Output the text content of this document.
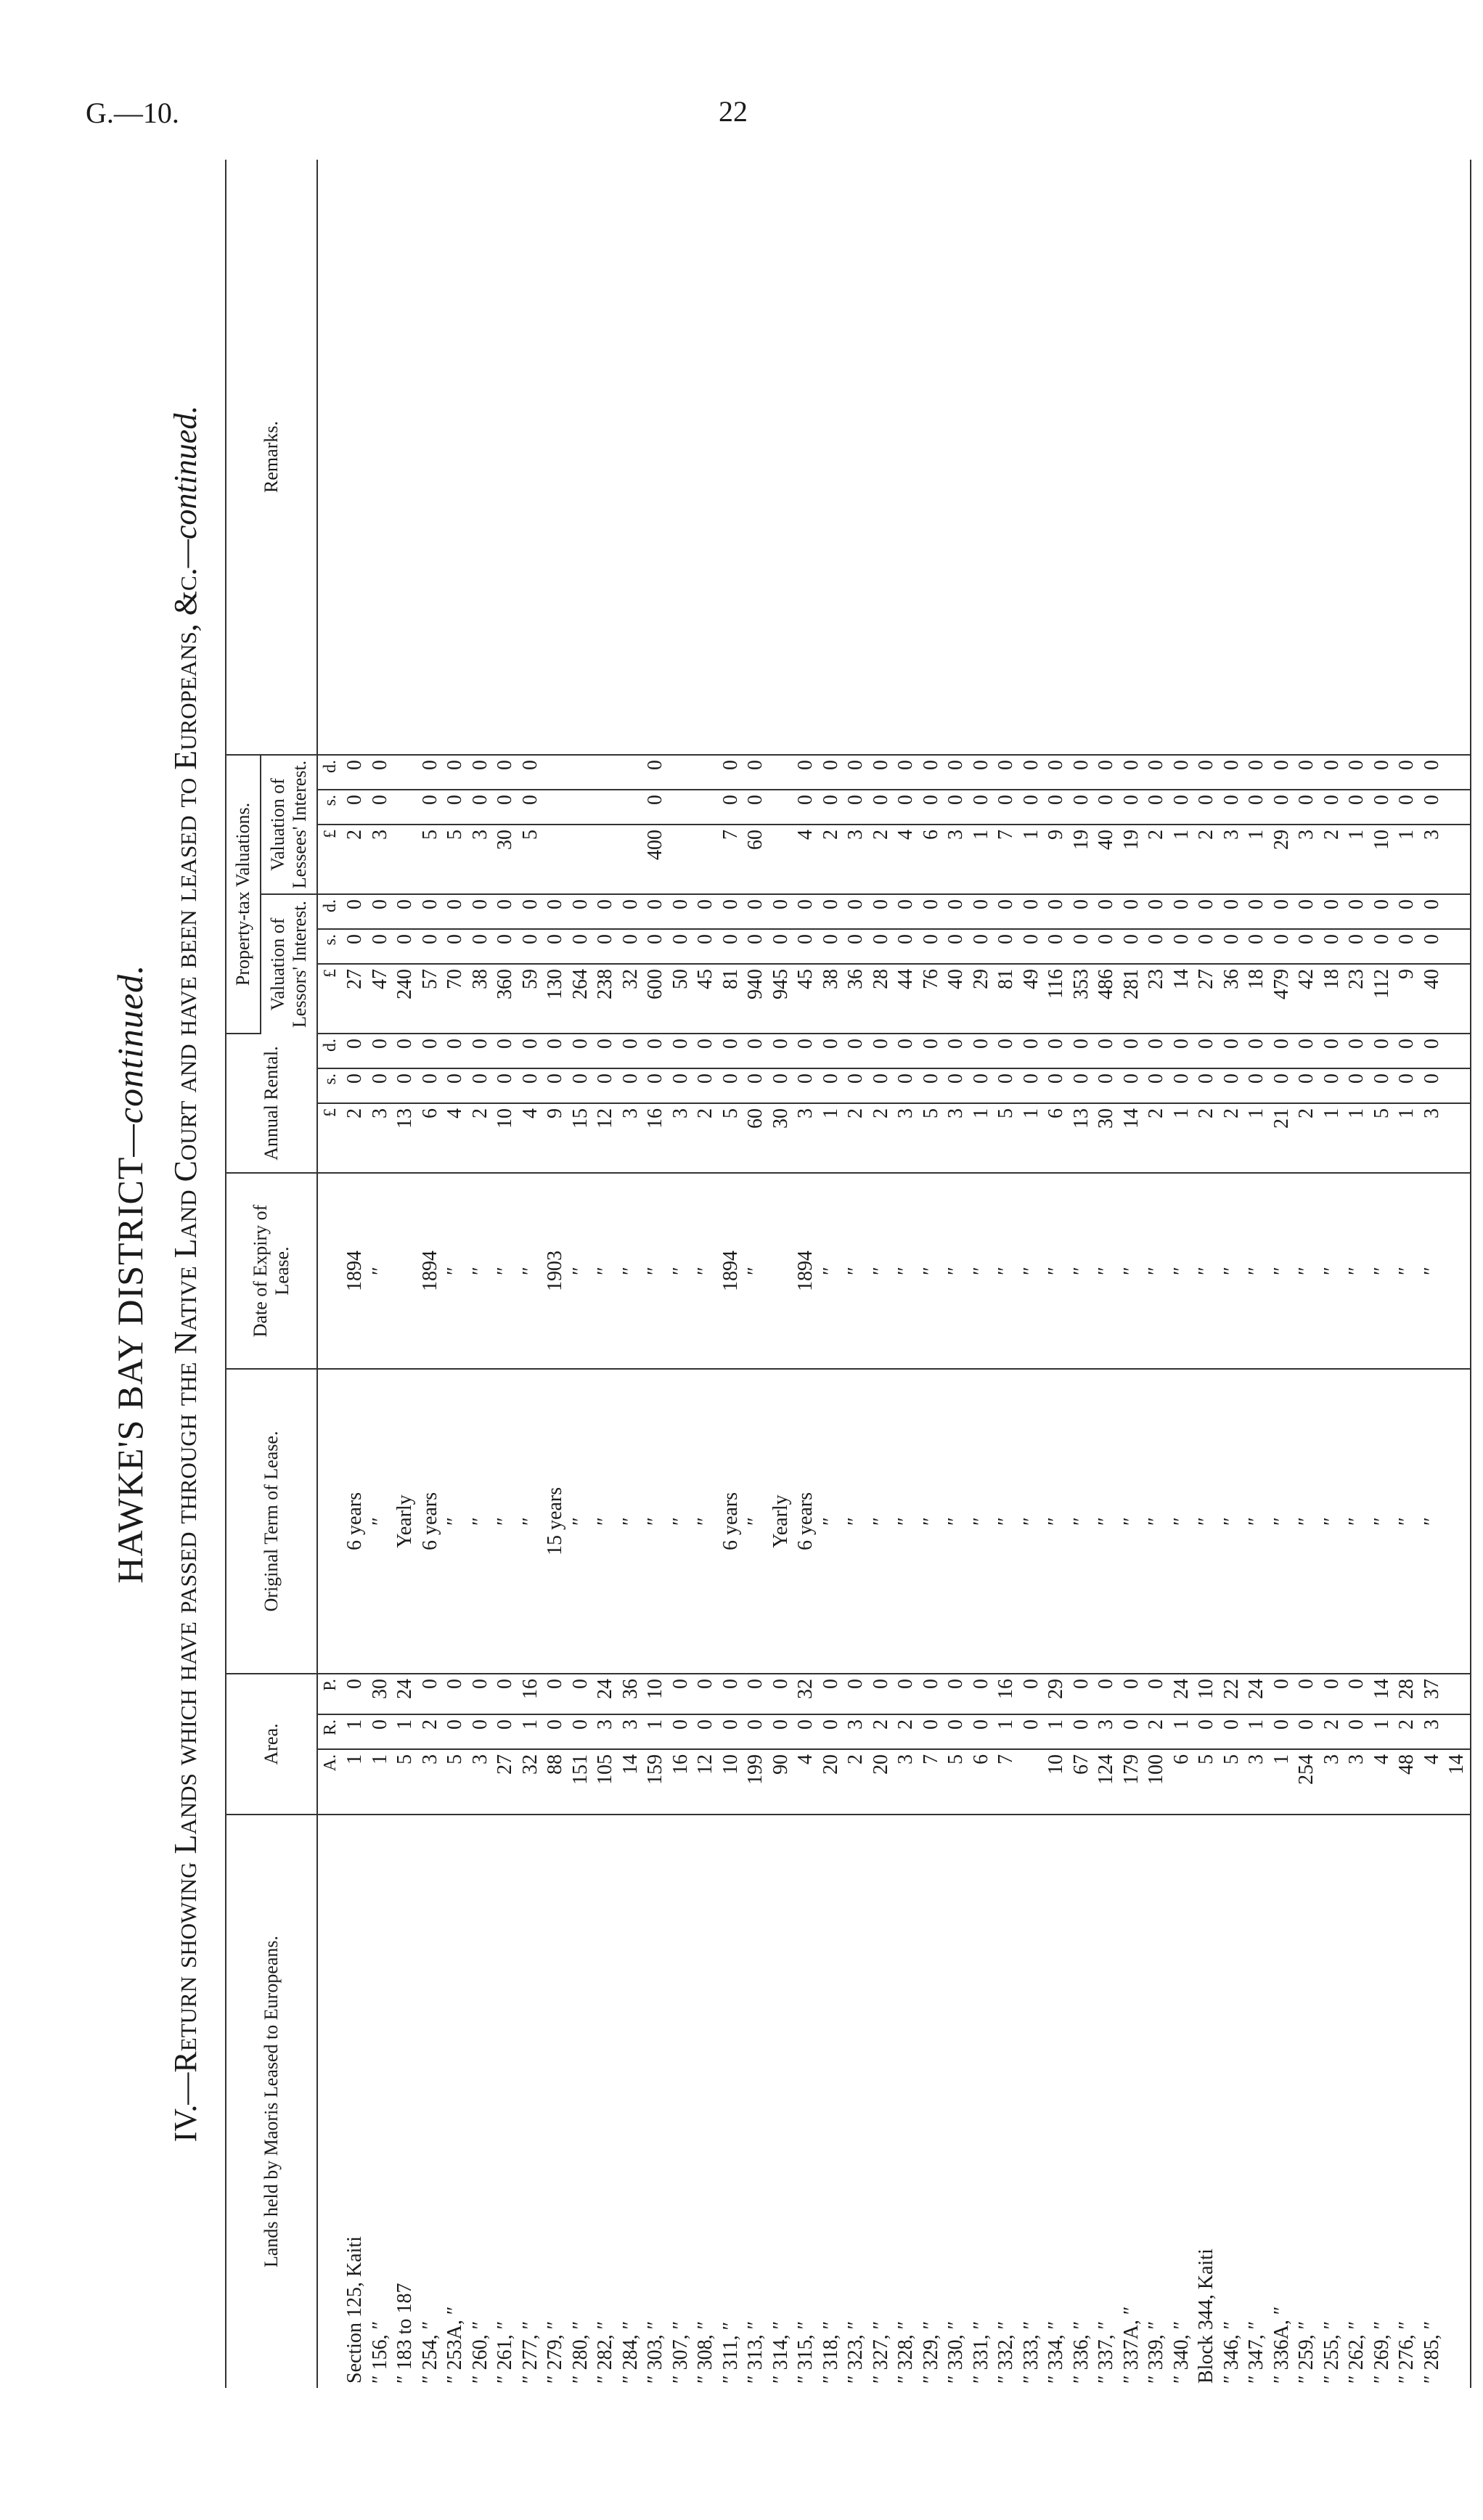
G.—10.	22
HAWKE'S BAY DISTRICT—continued. IV.—Return showing Lands which have passed through the Native Land Court and have been leased to Europeans, &c.—continued.
Lands held by Maoris Leased to Europeans.	Area.			Original Term of Lease.	Date of Expiry of Lease.	Annual Rental.			Property-tax Valuations.						Remarks.
									Valuation of Lessors' Interest.			Valuation of Lessees' Interest.			
	A.	R.	P.			£	s.	d.	£	s.	d.	£	s.	d.	
Section 125, Kaiti	1	1	0	6 years	1894	2	0	0	27	0	0	2	0	0	
″ 156, ″	1	0	30	″	″	3	0	0	47	0	0	3	0	0	
″ 183 to 187	5	1	24	Yearly		13	0	0	240	0	0				
″ 254, ″	3	2	0	6 years	1894	6	0	0	57	0	0	5	0	0	
″ 253A, ″	5	0	0	″	″	4	0	0	70	0	0	5	0	0	
″ 260, ″	3	0	0	″	″	2	0	0	38	0	0	3	0	0	
″ 261, ″	27	0	0	″	″	10	0	0	360	0	0	30	0	0	
″ 277, ″	32	1	16	″	″	4	0	0	59	0	0	5	0	0	
″ 279, ″	88	0	0	15 years	1903	9	0	0	130	0	0				
″ 280, ″	151	0	0	″	″	15	0	0	264	0	0				
″ 282, ″	105	3	24	″	″	12	0	0	238	0	0				
″ 284, ″	14	3	36	″	″	3	0	0	32	0	0				
″ 303, ″	159	1	10	″	″	16	0	0	600	0	0	400	0	0	
″ 307, ″	16	0	0	″	″	3	0	0	50	0	0				
″ 308, ″	12	0	0	″	″	2	0	0	45	0	0				
″ 311, ″	10	0	0	6 years	1894	5	0	0	81	0	0	7	0	0	
″ 313, ″	199	0	0	″	″	60	0	0	940	0	0	60	0	0	
″ 314, ″	90	0	0	Yearly		30	0	0	945	0	0				
″ 315, ″	4	0	32	6 years	1894	3	0	0	45	0	0	4	0	0	
″ 318, ″	20	0	0	″	″	1	0	0	38	0	0	2	0	0	
″ 323, ″	2	3	0	″	″	2	0	0	36	0	0	3	0	0	
″ 327, ″	20	2	0	″	″	2	0	0	28	0	0	2	0	0	
″ 328, ″	3	2	0	″	″	3	0	0	44	0	0	4	0	0	
″ 329, ″	7	0	0	″	″	5	0	0	76	0	0	6	0	0	
″ 330, ″	5	0	0	″	″	3	0	0	40	0	0	3	0	0	
″ 331, ″	6	0	0	″	″	1	0	0	29	0	0	1	0	0	
″ 332, ″	7	1	16	″	″	5	0	0	81	0	0	7	0	0	
″ 333, ″		0	0	″	″	1	0	0	49	0	0	1	0	0	
″ 334, ″	10	1	29	″	″	6	0	0	116	0	0	9	0	0	
″ 336, ″	67	0	0	″	″	13	0	0	353	0	0	19	0	0	
″ 337, ″	124	3	0	″	″	30	0	0	486	0	0	40	0	0	
″ 337A, ″	179	0	0	″	″	14	0	0	281	0	0	19	0	0	
″ 339, ″	100	2	0	″	″	2	0	0	23	0	0	2	0	0	
″ 340, ″	6	1	24	″	″	1	0	0	14	0	0	1	0	0	
Block 344, Kaiti	5	0	10	″	″	2	0	0	27	0	0	2	0	0	
″ 346, ″	5	0	22	″	″	2	0	0	36	0	0	3	0	0	
″ 347, ″	3	1	24	″	″	1	0	0	18	0	0	1	0	0	
″ 336A, ″	1	0	0	″	″	21	0	0	479	0	0	29	0	0	
″ 259, ″	254	0	0	″	″	2	0	0	42	0	0	3	0	0	
″ 255, ″	3	2	0	″	″	1	0	0	18	0	0	2	0	0	
″ 262, ″	3	0	0	″	″	1	0	0	23	0	0	1	0	0	
″ 269, ″	4	1	14	″	″	5	0	0	112	0	0	10	0	0	
″ 276, ″	48	2	28	″	″	1	0	0	9	0	0	1	0	0	
″ 285, ″	4	3	37	″	″	3	0	0	40	0	0	3	0	0	
	14														
